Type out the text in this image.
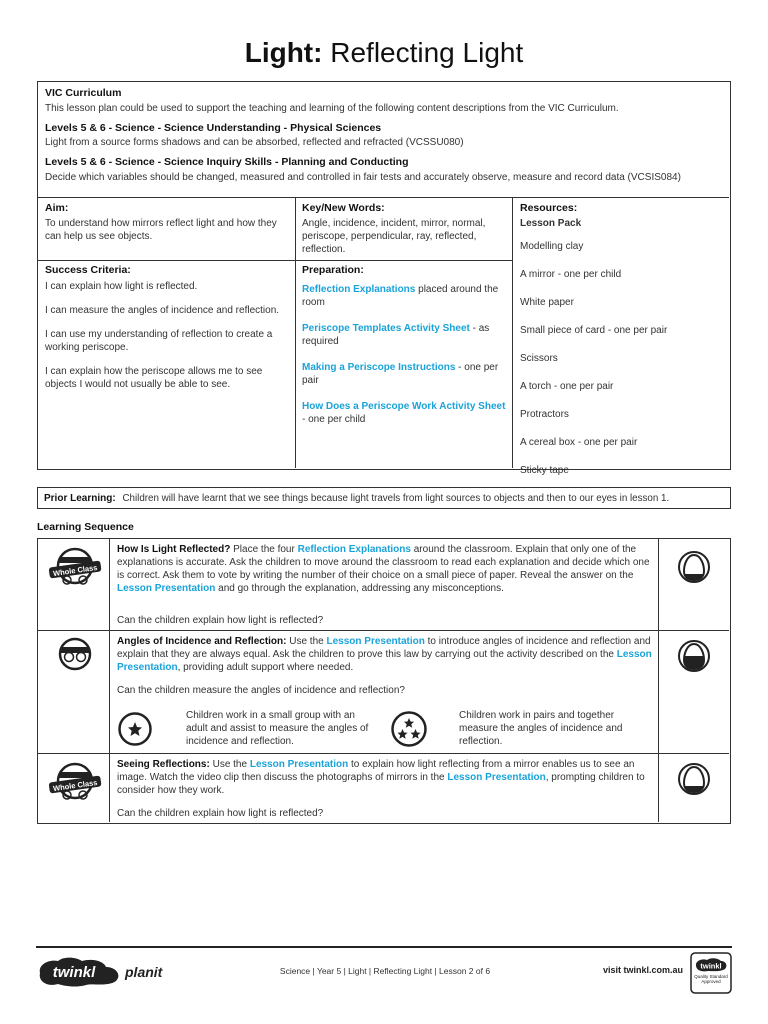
Light: Reflecting Light
VIC Curriculum
This lesson plan could be used to support the teaching and learning of the following content descriptions from the VIC Curriculum.
Levels 5 & 6 - Science - Science Understanding - Physical Sciences
Light from a source forms shadows and can be absorbed, reflected and refracted (VCSSU080)
Levels 5 & 6 - Science - Science Inquiry Skills - Planning and Conducting
Decide which variables should be changed, measured and controlled in fair tests and accurately observe, measure and record data (VCSIS084)
Aim:
To understand how mirrors reflect light and how they can help us see objects.
Key/New Words:
Angle, incidence, incident, mirror, normal, periscope, perpendicular, ray, reflected, reflection.
Resources:
Lesson Pack
Modelling clay
A mirror - one per child
White paper
Small piece of card - one per pair
Scissors
A torch - one per pair
Protractors
A cereal box - one per pair
Sticky tape
Success Criteria:
I can explain how light is reflected.
I can measure the angles of incidence and reflection.
I can use my understanding of reflection to create a working periscope.
I can explain how the periscope allows me to see objects I would not usually be able to see.
Preparation:
Reflection Explanations placed around the room
Periscope Templates Activity Sheet - as required
Making a Periscope Instructions - one per pair
How Does a Periscope Work Activity Sheet - one per child
Prior Learning: Children will have learnt that we see things because light travels from light sources to objects and then to our eyes in lesson 1.
Learning Sequence
Whole Class
How Is Light Reflected? Place the four Reflection Explanations around the classroom. Explain that only one of the explanations is accurate. Ask the children to move around the classroom to read each explanation and decide which one is correct. Ask them to vote by writing the number of their choice on a small piece of paper. Reveal the answer on the Lesson Presentation and go through the explanation, addressing any misconceptions.
Can the children explain how light is reflected?
Angles of Incidence and Reflection: Use the Lesson Presentation to introduce angles of incidence and reflection and explain that they are always equal. Ask the children to prove this law by carrying out the activity described on the Lesson Presentation, providing adult support where needed.
Can the children measure the angles of incidence and reflection?
Children work in a small group with an adult and assist to measure the angles of incidence and reflection.
Children work in pairs and together measure the angles of incidence and reflection.
Whole Class
Seeing Reflections: Use the Lesson Presentation to explain how light reflecting from a mirror enables us to see an image. Watch the video clip then discuss the photographs of mirrors in the Lesson Presentation, prompting children to consider how they work.
Can the children explain how light is reflected?
twinkl planit	Science | Year 5 | Light | Reflecting Light | Lesson 2 of 6	visit twinkl.com.au twinkl
Quality Standard Approved
